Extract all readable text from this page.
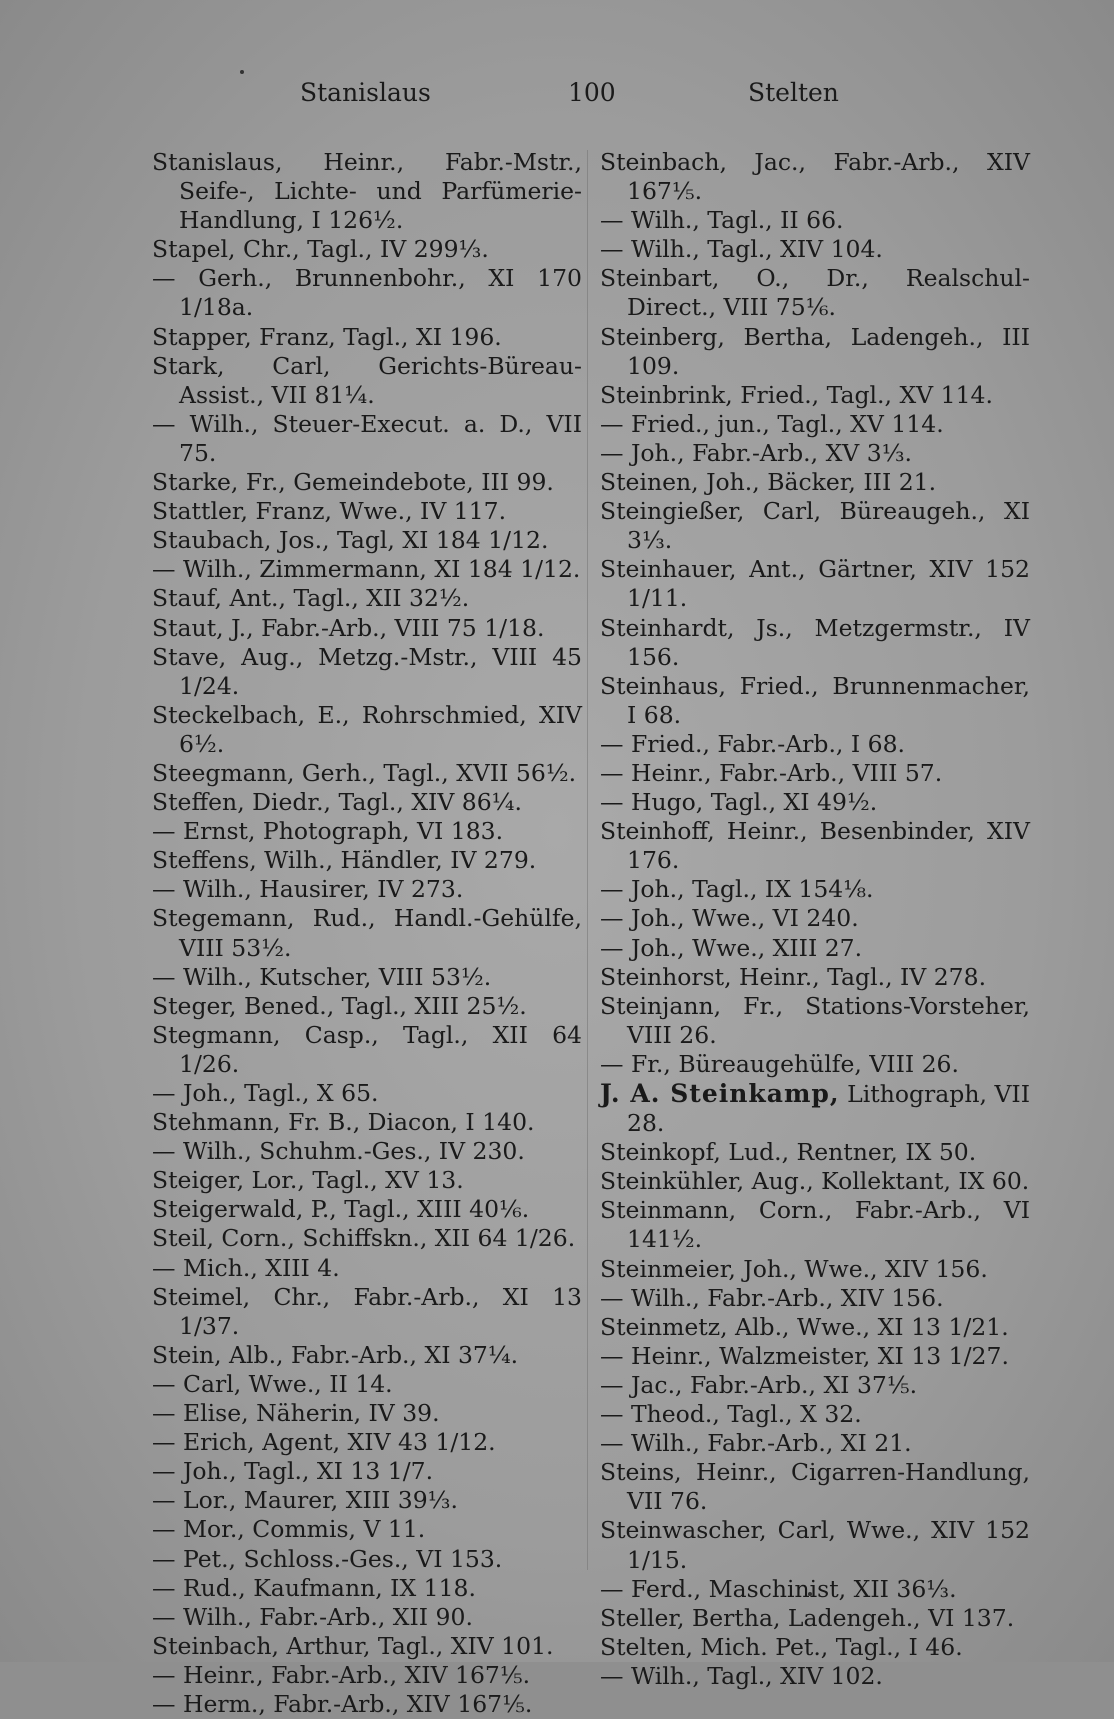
Stanislaus	100	Stelten

Stanislaus, Heinr., Fabr.-Mstr., Seife-, Lichte- und Parfümerie-Handlung, I 126½.

Stapel, Chr., Tagl., IV 299⅓.

— Gerh., Brunnenbohr., XI 170 1/18a.

Stapper, Franz, Tagl., XI 196.

Stark, Carl, Gerichts-Büreau-Assist., VII 81¼.

— Wilh., Steuer-Execut. a. D., VII 75.

Starke, Fr., Gemeindebote, III 99.

Stattler, Franz, Wwe., IV 117.

Staubach, Jos., Tagl, XI 184 1/12.

— Wilh., Zimmermann, XI 184 1/12.

Stauf, Ant., Tagl., XII 32½.

Staut, J., Fabr.-Arb., VIII 75 1/18.

Stave, Aug., Metzg.-Mstr., VIII 45 1/24.

Steckelbach, E., Rohrschmied, XIV 6½.

Steegmann, Gerh., Tagl., XVII 56½.

Steffen, Diedr., Tagl., XIV 86¼.

— Ernst, Photograph, VI 183.

Steffens, Wilh., Händler, IV 279.

— Wilh., Hausirer, IV 273.

Stegemann, Rud., Handl.-Gehülfe, VIII 53½.

— Wilh., Kutscher, VIII 53½.

Steger, Bened., Tagl., XIII 25½.

Stegmann, Casp., Tagl., XII 64 1/26.

— Joh., Tagl., X 65.

Stehmann, Fr. B., Diacon, I 140.

— Wilh., Schuhm.-Ges., IV 230.

Steiger, Lor., Tagl., XV 13.

Steigerwald, P., Tagl., XIII 40⅙.

Steil, Corn., Schiffskn., XII 64 1/26.

— Mich., XIII 4.

Steimel, Chr., Fabr.-Arb., XI 13 1/37.

Stein, Alb., Fabr.-Arb., XI 37¼.

— Carl, Wwe., II 14.

— Elise, Näherin, IV 39.

— Erich, Agent, XIV 43 1/12.

— Joh., Tagl., XI 13 1/7.

— Lor., Maurer, XIII 39⅓.

— Mor., Commis, V 11.

— Pet., Schloss.-Ges., VI 153.

— Rud., Kaufmann, IX 118.

— Wilh., Fabr.-Arb., XII 90.

Steinbach, Arthur, Tagl., XIV 101.

— Heinr., Fabr.-Arb., XIV 167⅕.

— Herm., Fabr.-Arb., XIV 167⅕.

Steinbach, Jac., Fabr.-Arb., XIV 167⅕.

— Wilh., Tagl., II 66.

— Wilh., Tagl., XIV 104.

Steinbart, O., Dr., Realschul-Direct., VIII 75⅙.

Steinberg, Bertha, Ladengeh., III 109.

Steinbrink, Fried., Tagl., XV 114.

— Fried., jun., Tagl., XV 114.

— Joh., Fabr.-Arb., XV 3⅓.

Steinen, Joh., Bäcker, III 21.

Steingießer, Carl, Büreaugeh., XI 3⅓.

Steinhauer, Ant., Gärtner, XIV 152 1/11.

Steinhardt, Js., Metzgermstr., IV 156.

Steinhaus, Fried., Brunnenmacher, I 68.

— Fried., Fabr.-Arb., I 68.

— Heinr., Fabr.-Arb., VIII 57.

— Hugo, Tagl., XI 49½.

Steinhoff, Heinr., Besenbinder, XIV 176.

— Joh., Tagl., IX 154⅛.

— Joh., Wwe., VI 240.

— Joh., Wwe., XIII 27.

Steinhorst, Heinr., Tagl., IV 278.

Steinjann, Fr., Stations-Vorsteher, VIII 26.

— Fr., Büreaugehülfe, VIII 26.

J. A. Steinkamp, Lithograph, VII 28.

Steinkopf, Lud., Rentner, IX 50.

Steinkühler, Aug., Kollektant, IX 60.

Steinmann, Corn., Fabr.-Arb., VI 141½.

Steinmeier, Joh., Wwe., XIV 156.

— Wilh., Fabr.-Arb., XIV 156.

Steinmetz, Alb., Wwe., XI 13 1/21.

— Heinr., Walzmeister, XI 13 1/27.

— Jac., Fabr.-Arb., XI 37⅕.

— Theod., Tagl., X 32.

— Wilh., Fabr.-Arb., XI 21.

Steins, Heinr., Cigarren-Handlung, VII 76.

Steinwascher, Carl, Wwe., XIV 152 1/15.

— Ferd., Maschinist, XII 36⅓.

Steller, Bertha, Ladengeh., VI 137.

Stelten, Mich. Pet., Tagl., I 46.

— Wilh., Tagl., XIV 102.
